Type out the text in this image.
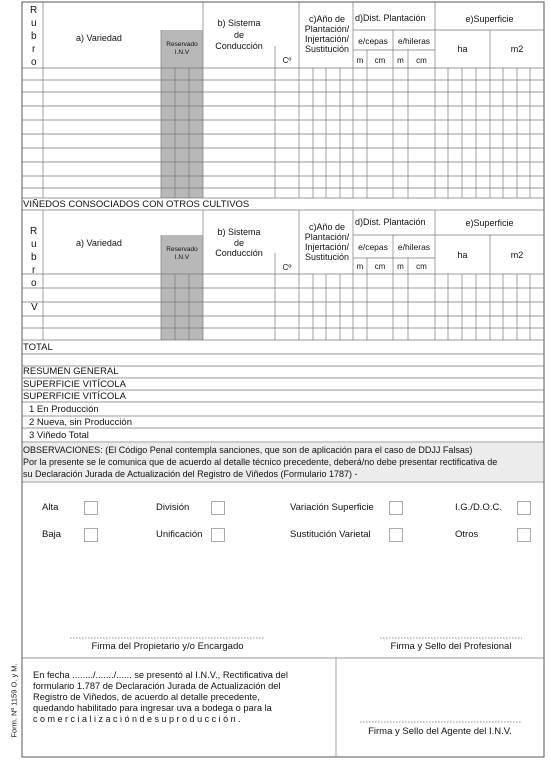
R
u
b
r
o
a) Variedad
Reservado
I.N.V
b) Sistema
de
Conducción
Cº
c)Año de
Plantación/
Injertación/
Sustitución
d)Dist. Plantación
e/cepas	e/hileras
m	cm	m	cm
e)Superficie
ha	m2
VIÑEDOS CONSOCIADOS CON OTROS CULTIVOS
R
u
b
r
o
V
a) Variedad
Reservado
I.N.V
b) Sistema
de
Conducción
Cº
c)Año de
Plantación/
Injertación/
Sustitución
d)Dist. Plantación
e/cepas	e/hileras
m	cm	m	cm
e)Superficie
ha	m2
TOTAL
RESUMEN GENERAL
SUPERFICIE VITÍCOLA
SUPERFICIE VITÍCOLA
1 En Producción
2 Nueva, sin Producción
3 Viñedo Total
OBSERVACIONES: (El Código Penal contempla sanciones, que son de aplicación para el caso de DDJJ Falsas)
Por la presente se le comunica que de acuerdo al detalle técnico precedente, deberá/no debe presentar rectificativa de
su Declaración Jurada de Actualización del Registro de Viñedos (Formulario 1787) -
Alta
Baja
División
Unificación
Variación Superficie
Sustitución Varietal
I.G./D.O.C.
Otros
Firma del Propietario y/o Encargado	Firma y Sello del Profesional
En fecha ......../......./...... se presentó al I.N.V., Rectificativa del
formulario 1.787 de Declaración Jurada de Actualización del
Registro de Viñedos, de acuerdo al detalle precedente,
quedando habilitado para ingresar uva a bodega o para la
c o m e r c i a l i z a c i ó n d e s u p r o d u c c i ó n .
Firma y Sello del Agente del I.N.V.
Form. Nº 1159 O. y M.
